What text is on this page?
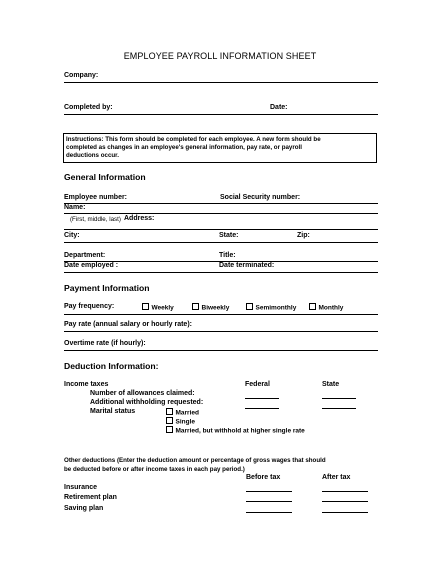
EMPLOYEE PAYROLL INFORMATION SHEET
Company:
Completed by:	Date:
Instructions: This form should be completed for each employee. A new form should be
completed as changes in an employee's general information, pay rate, or payroll
deductions occur.
General Information
Employee number:	Social Security number:
Name:
(First, middle, last) Address:
City:	State:	Zip:
Department:	Title:
Date employed :	Date terminated:
Payment Information
Pay frequency:	Weekly	Biweekly	Semimonthly	Monthly
Pay rate (annual salary or hourly rate):
Overtime rate (if hourly):
Deduction Information:
Income taxes	Federal	State
Number of allowances claimed:
Additional withholding requested:
Marital status	Married
Single
Married, but withhold at higher single rate
Other deductions (Enter the deduction amount or percentage of gross wages that should
be deducted before or after income taxes in each pay period.)
Before tax	After tax
Insurance
Retirement plan
Saving plan
